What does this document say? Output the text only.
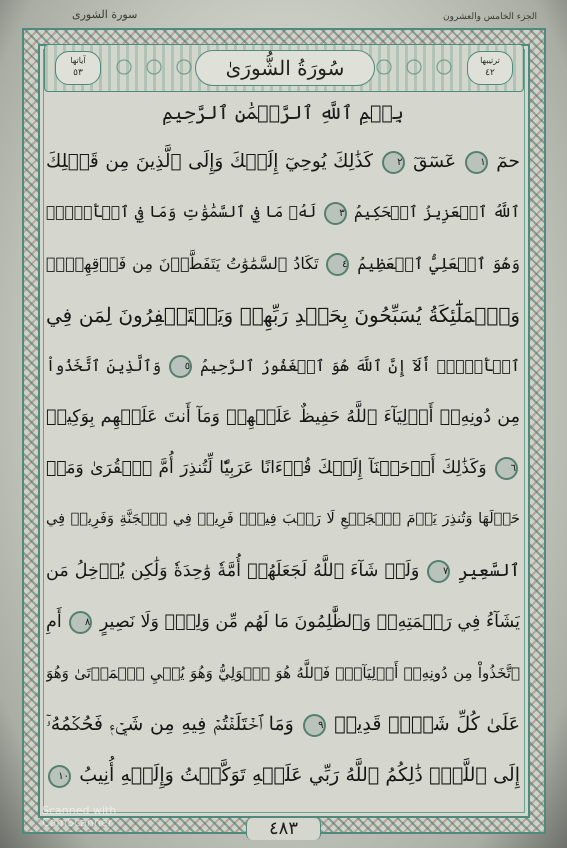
سورة الشورى	الجزء الخامس والعشرون
ترتيبها
٤٢
سُورَةُ الشُّورَىٰ
آياتها
٥٣
بِسۡمِ ٱللَّهِ ٱلرَّحۡمَٰنِ ٱلرَّحِيمِ
حمٓ ١ عٓسٓقٓ ٢ كَذَٰلِكَ يُوحِيٓ إِلَيۡكَ وَإِلَى ٱلَّذِينَ مِن قَبۡلِكَ
ٱللَّهُ ٱلۡعَزِيزُ ٱلۡحَكِيمُ ٣ لَهُۥ مَا فِي ٱلسَّمَٰوَٰتِ وَمَا فِي ٱلۡأَرۡضِۖ
وَهُوَ ٱلۡعَلِيُّ ٱلۡعَظِيمُ ٤ تَكَادُ ٱلسَّمَٰوَٰتُ يَتَفَطَّرۡنَ مِن فَوۡقِهِنَّۚ
وَٱلۡمَلَٰٓئِكَةُ يُسَبِّحُونَ بِحَمۡدِ رَبِّهِمۡ وَيَسۡتَغۡفِرُونَ لِمَن فِي
ٱلۡأَرۡضِۗ أَلَآ إِنَّ ٱللَّهَ هُوَ ٱلۡغَفُورُ ٱلرَّحِيمُ ٥ وَٱلَّذِينَ ٱتَّخَذُواْ
مِن دُونِهِۦٓ أَوۡلِيَآءَ ٱللَّهُ حَفِيظٌ عَلَيۡهِمۡ وَمَآ أَنتَ عَلَيۡهِم بِوَكِيلٖ
٦ وَكَذَٰلِكَ أَوۡحَيۡنَآ إِلَيۡكَ قُرۡءَانًا عَرَبِيّٗا لِّتُنذِرَ أُمَّ ٱلۡقُرَىٰ وَمَنۡ
حَوۡلَهَا وَتُنذِرَ يَوۡمَ ٱلۡجَمۡعِ لَا رَيۡبَ فِيهِۚ فَرِيقٞ فِي ٱلۡجَنَّةِ وَفَرِيقٞ فِي
ٱلسَّعِيرِ ٧ وَلَوۡ شَآءَ ٱللَّهُ لَجَعَلَهُمۡ أُمَّةٗ وَٰحِدَةٗ وَلَٰكِن يُدۡخِلُ مَن
يَشَآءُ فِي رَحۡمَتِهِۦۚ وَٱلظَّٰلِمُونَ مَا لَهُم مِّن وَلِيّٖ وَلَا نَصِيرٍ ٨ أَمِ
ٱتَّخَذُواْ مِن دُونِهِۦٓ أَوۡلِيَآءَۖ فَٱللَّهُ هُوَ ٱلۡوَلِيُّ وَهُوَ يُحۡيِ ٱلۡمَوۡتَىٰ وَهُوَ
عَلَىٰ كُلِّ شَيۡءٖ قَدِيرٞ ٩ وَمَا ٱخۡتَلَفۡتُمۡ فِيهِ مِن شَيۡءٖ فَحُكۡمُهُۥٓ
إِلَى ٱللَّهِۚ ذَٰلِكُمُ ٱللَّهُ رَبِّي عَلَيۡهِ تَوَكَّلۡتُ وَإِلَيۡهِ أُنِيبُ ١٠
٤٨٣
Scanned with
CamScanner
